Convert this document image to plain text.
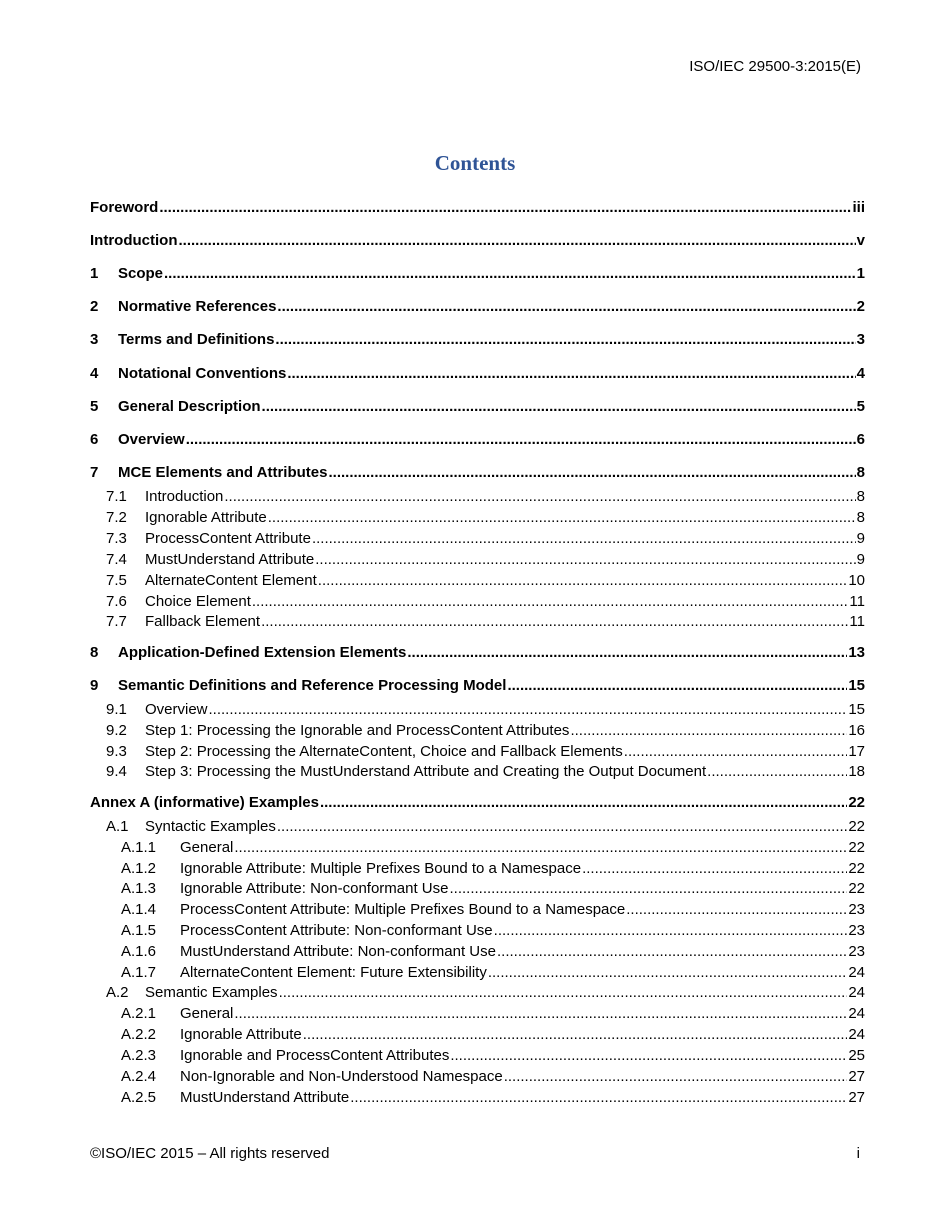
ISO/IEC 29500-3:2015(E)
Contents
Foreword .....	iii
Introduction .....	v
1	Scope .....	1
2	Normative References .....	2
3	Terms and Definitions .....	3
4	Notational Conventions .....	4
5	General Description .....	5
6	Overview .....	6
7	MCE Elements and Attributes .....	8
7.1	Introduction .....	8
7.2	Ignorable Attribute .....	8
7.3	ProcessContent Attribute .....	9
7.4	MustUnderstand Attribute .....	9
7.5	AlternateContent Element .....	10
7.6	Choice Element .....	11
7.7	Fallback Element .....	11
8	Application-Defined Extension Elements .....	13
9	Semantic Definitions and Reference Processing Model .....	15
9.1	Overview .....	15
9.2	Step 1: Processing the Ignorable and ProcessContent Attributes .....	16
9.3	Step 2: Processing the AlternateContent, Choice and Fallback Elements .....	17
9.4	Step 3: Processing the MustUnderstand Attribute and Creating the Output Document .....	18
Annex A (informative) Examples .....	22
A.1	Syntactic Examples .....	22
A.1.1	General .....	22
A.1.2	Ignorable Attribute: Multiple Prefixes Bound to a Namespace .....	22
A.1.3	Ignorable Attribute: Non-conformant Use .....	22
A.1.4	ProcessContent Attribute: Multiple Prefixes Bound to a Namespace .....	23
A.1.5	ProcessContent Attribute: Non-conformant Use .....	23
A.1.6	MustUnderstand Attribute: Non-conformant Use .....	23
A.1.7	AlternateContent Element: Future Extensibility .....	24
A.2	Semantic Examples .....	24
A.2.1	General .....	24
A.2.2	Ignorable Attribute .....	24
A.2.3	Ignorable and ProcessContent Attributes .....	25
A.2.4	Non-Ignorable and Non-Understood Namespace .....	27
A.2.5	MustUnderstand Attribute .....	27
©ISO/IEC 2015 – All rights reserved	i
